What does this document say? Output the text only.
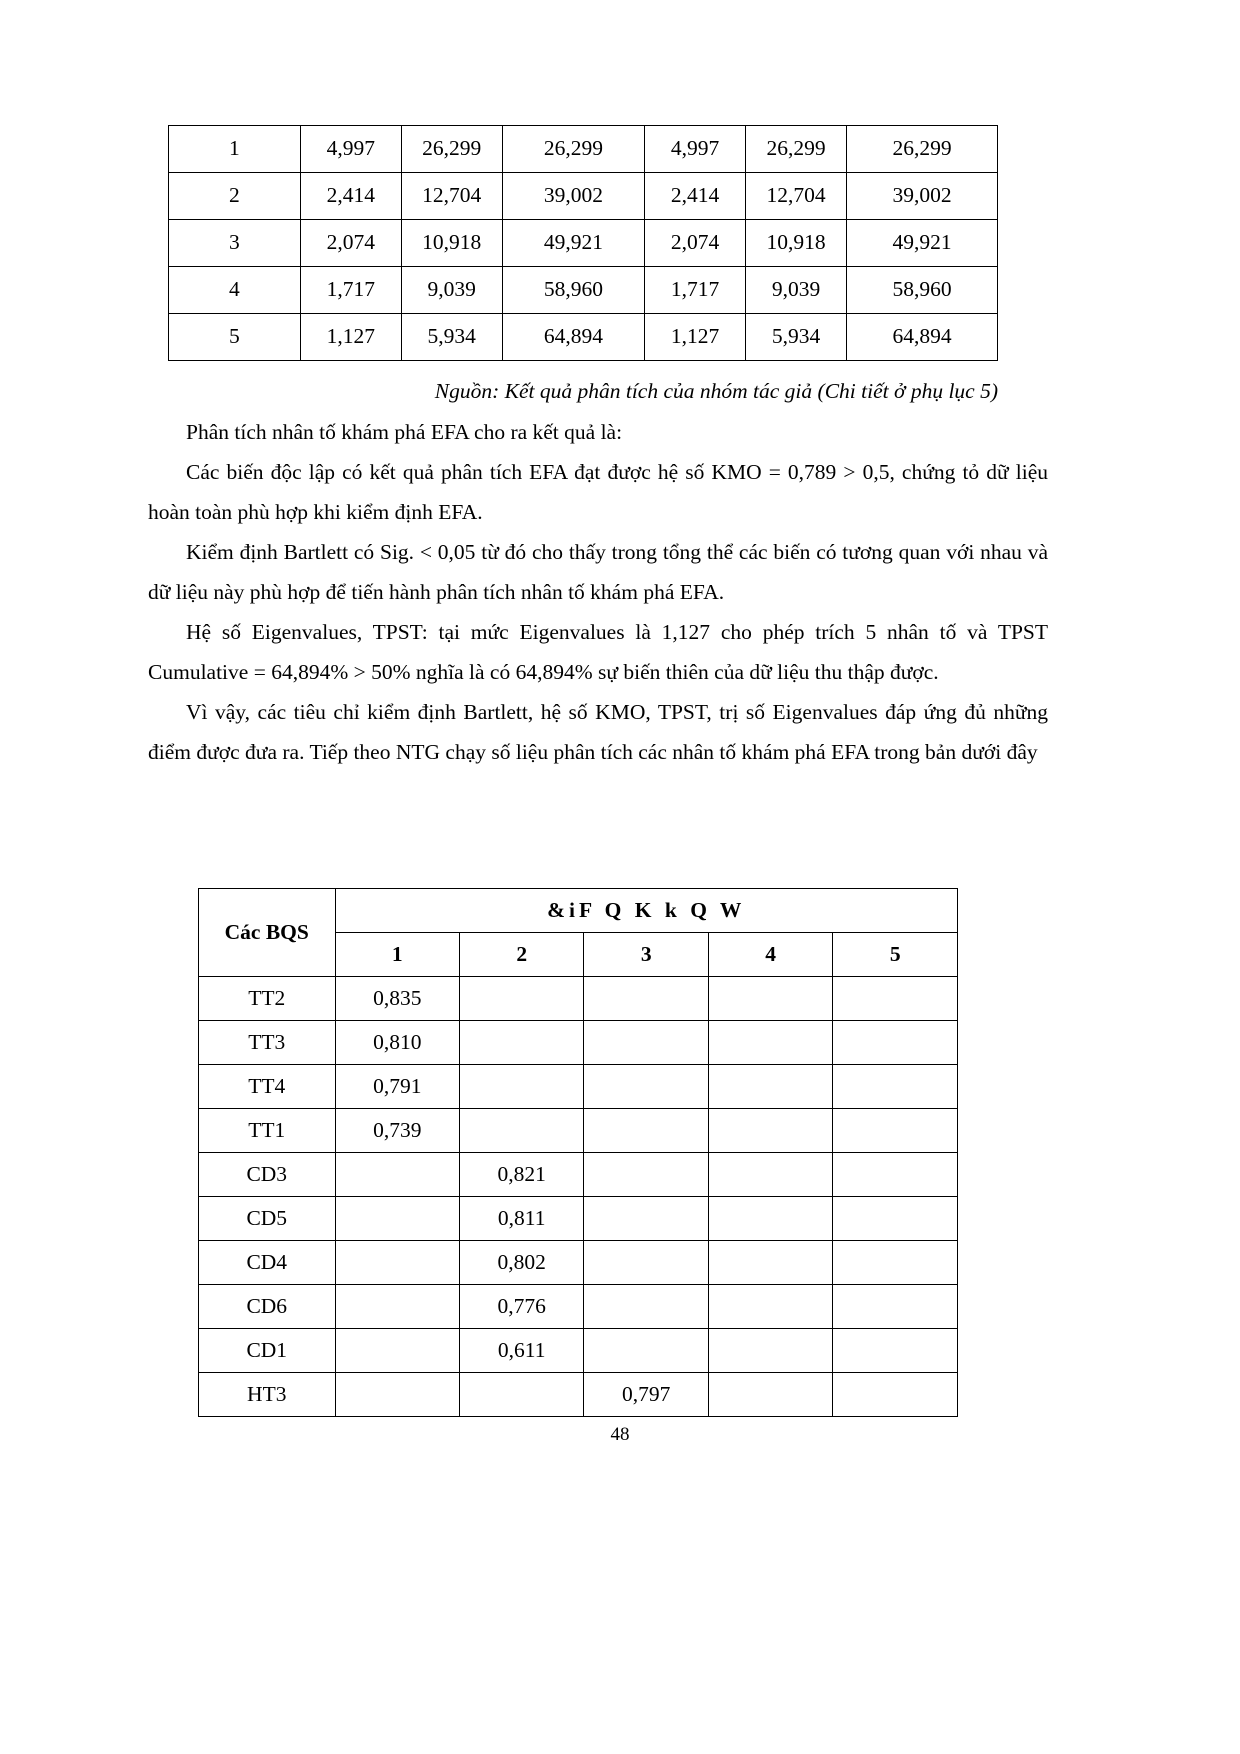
1	4,997	26,299	26,299	4,997	26,299	26,299
2	2,414	12,704	39,002	2,414	12,704	39,002
3	2,074	10,918	49,921	2,074	10,918	49,921
4	1,717	9,039	58,960	1,717	9,039	58,960
5	1,127	5,934	64,894	1,127	5,934	64,894
Nguồn: Kết quả phân tích của nhóm tác giả (Chi tiết ở phụ lục 5)

Phân tích nhân tố khám phá EFA cho ra kết quả là:

Các biến độc lập có kết quả phân tích EFA đạt được hệ số KMO = 0,789 > 0,5, chứng tỏ dữ liệu hoàn toàn phù hợp khi kiểm định EFA.

Kiểm định Bartlett có Sig. < 0,05 từ đó cho thấy trong tổng thể các biến có tương quan với nhau và dữ liệu này phù hợp để tiến hành phân tích nhân tố khám phá EFA.

Hệ số Eigenvalues, TPST: tại mức Eigenvalues là 1,127 cho phép trích 5 nhân tố và TPST Cumulative = 64,894% > 50% nghĩa là có 64,894% sự biến thiên của dữ liệu thu thập được.

Vì vậy, các tiêu chỉ kiểm định Bartlett, hệ số KMO, TPST, trị số Eigenvalues đáp ứng đủ những điểm được đưa ra. Tiếp theo NTG chạy số liệu phân tích các nhân tố khám phá EFA trong bản dưới đây

Các BQS	&iF Q K k Q W				
	1	2	3	4	5
TT2	0,835				
TT3	0,810				
TT4	0,791				
TT1	0,739				
CD3		0,821			
CD5		0,811			
CD4		0,802			
CD6		0,776			
CD1		0,611			
HT3			0,797		
48
